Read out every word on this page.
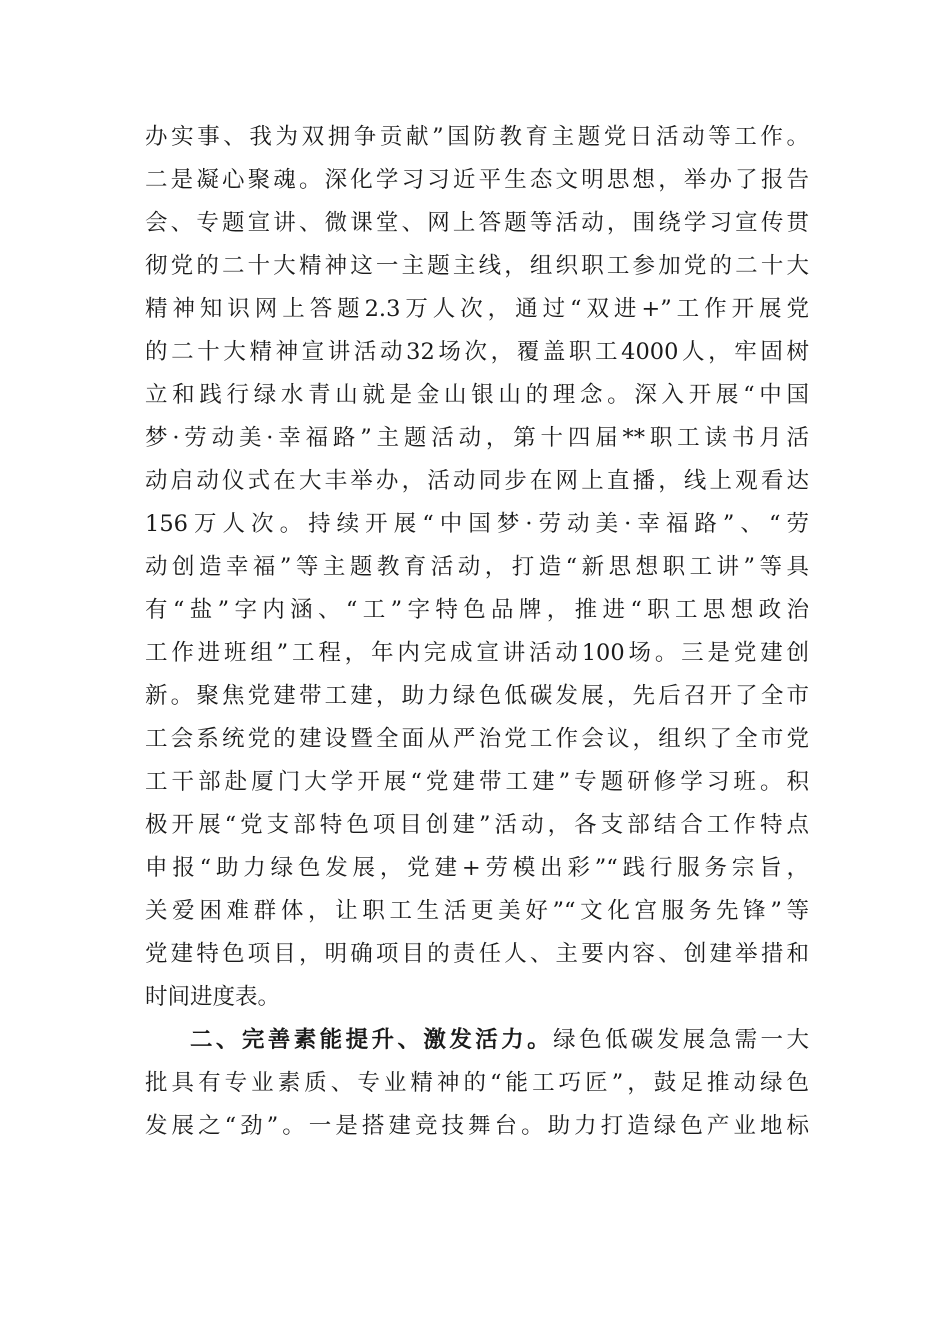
办实事、我为双拥争贡献”国防教育主题党日活动等工作。
二是凝心聚魂。深化学习习近平生态文明思想，举办了报告
会、专题宣讲、微课堂、网上答题等活动，围绕学习宣传贯
彻党的二十大精神这一主题主线，组织职工参加党的二十大
精神知识网上答题2.3万人次，通过“双进+”工作开展党
的二十大精神宣讲活动32场次，覆盖职工4000人，牢固树
立和践行绿水青山就是金山银山的理念。深入开展“中国
梦·劳动美·幸福路”主题活动，第十四届**职工读书月活
动启动仪式在大丰举办，活动同步在网上直播，线上观看达
156万人次。持续开展“中国梦·劳动美·幸福路”、“劳
动创造幸福”等主题教育活动，打造“新思想职工讲”等具
有“盐”字内涵、“工”字特色品牌，推进“职工思想政治
工作进班组”工程，年内完成宣讲活动100场。三是党建创
新。聚焦党建带工建，助力绿色低碳发展，先后召开了全市
工会系统党的建设暨全面从严治党工作会议，组织了全市党
工干部赴厦门大学开展“党建带工建”专题研修学习班。积
极开展“党支部特色项目创建”活动，各支部结合工作特点
申报“助力绿色发展，党建+劳模出彩”“践行服务宗旨，
关爱困难群体，让职工生活更美好”“文化宫服务先锋”等
党建特色项目，明确项目的责任人、主要内容、创建举措和
时间进度表。
二、完善素能提升、激发活力。绿色低碳发展急需一大
批具有专业素质、专业精神的“能工巧匠”，鼓足推动绿色
发展之“劲”。一是搭建竞技舞台。助力打造绿色产业地标
